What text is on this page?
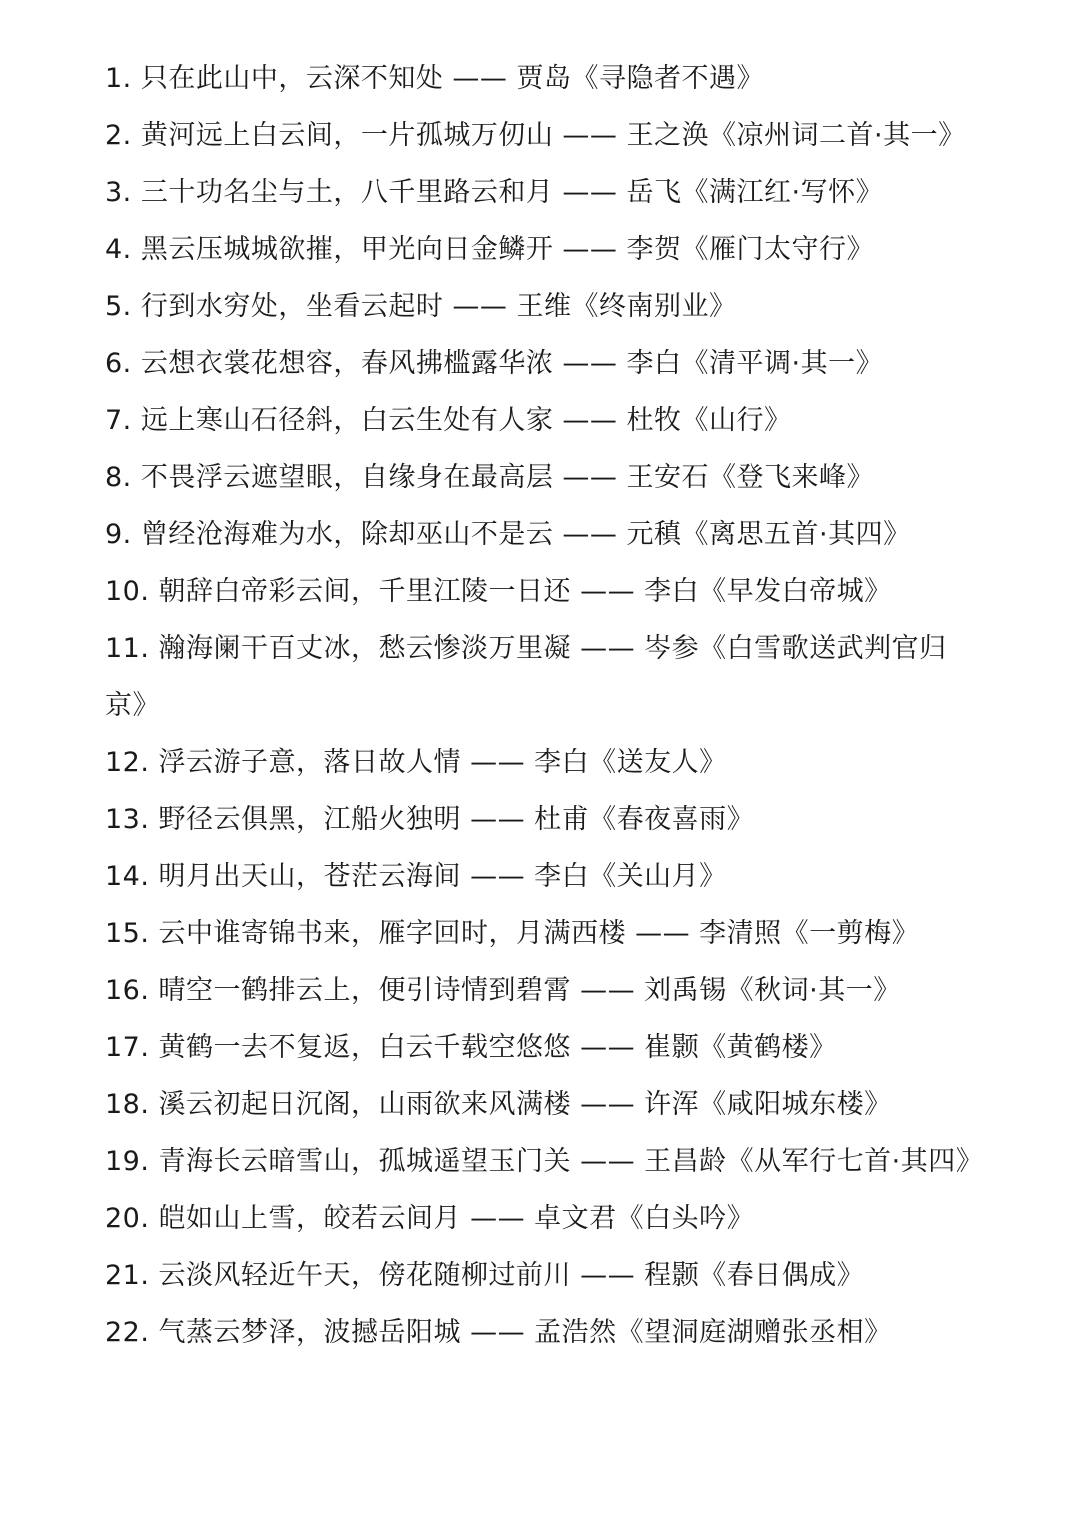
1. 只在此山中，云深不知处 —— 贾岛《寻隐者不遇》
2. 黄河远上白云间，一片孤城万仞山 —— 王之涣《凉州词二首·其一》
3. 三十功名尘与土，八千里路云和月 —— 岳飞《满江红·写怀》
4. 黑云压城城欲摧，甲光向日金鳞开 —— 李贺《雁门太守行》
5. 行到水穷处，坐看云起时 —— 王维《终南别业》
6. 云想衣裳花想容，春风拂槛露华浓 —— 李白《清平调·其一》
7. 远上寒山石径斜，白云生处有人家 —— 杜牧《山行》
8. 不畏浮云遮望眼，自缘身在最高层 —— 王安石《登飞来峰》
9. 曾经沧海难为水，除却巫山不是云 —— 元稹《离思五首·其四》
10. 朝辞白帝彩云间，千里江陵一日还 —— 李白《早发白帝城》
11. 瀚海阑干百丈冰，愁云惨淡万里凝 —— 岑参《白雪歌送武判官归京》
12. 浮云游子意，落日故人情 —— 李白《送友人》
13. 野径云俱黑，江船火独明 —— 杜甫《春夜喜雨》
14. 明月出天山，苍茫云海间 —— 李白《关山月》
15. 云中谁寄锦书来，雁字回时，月满西楼 —— 李清照《一剪梅》
16. 晴空一鹤排云上，便引诗情到碧霄 —— 刘禹锡《秋词·其一》
17. 黄鹤一去不复返，白云千载空悠悠 —— 崔颢《黄鹤楼》
18. 溪云初起日沉阁，山雨欲来风满楼 —— 许浑《咸阳城东楼》
19. 青海长云暗雪山，孤城遥望玉门关 —— 王昌龄《从军行七首·其四》
20. 皑如山上雪，皎若云间月 —— 卓文君《白头吟》
21. 云淡风轻近午天，傍花随柳过前川 —— 程颢《春日偶成》
22. 气蒸云梦泽，波撼岳阳城 —— 孟浩然《望洞庭湖赠张丞相》
